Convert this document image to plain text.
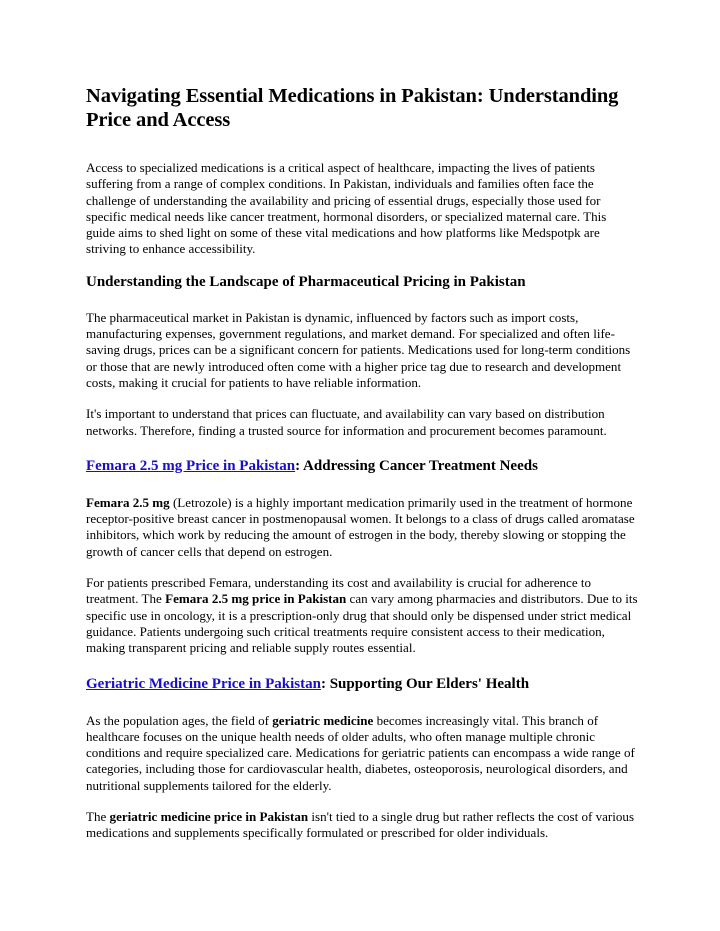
Navigating Essential Medications in Pakistan: Understanding Price and Access

Access to specialized medications is a critical aspect of healthcare, impacting the lives of patients suffering from a range of complex conditions. In Pakistan, individuals and families often face the challenge of understanding the availability and pricing of essential drugs, especially those used for specific medical needs like cancer treatment, hormonal disorders, or specialized maternal care. This guide aims to shed light on some of these vital medications and how platforms like Medspotpk are striving to enhance accessibility.

Understanding the Landscape of Pharmaceutical Pricing in Pakistan

The pharmaceutical market in Pakistan is dynamic, influenced by factors such as import costs, manufacturing expenses, government regulations, and market demand. For specialized and often life-saving drugs, prices can be a significant concern for patients. Medications used for long-term conditions or those that are newly introduced often come with a higher price tag due to research and development costs, making it crucial for patients to have reliable information.

It's important to understand that prices can fluctuate, and availability can vary based on distribution networks. Therefore, finding a trusted source for information and procurement becomes paramount.

Femara 2.5 mg Price in Pakistan: Addressing Cancer Treatment Needs

Femara 2.5 mg (Letrozole) is a highly important medication primarily used in the treatment of hormone receptor-positive breast cancer in postmenopausal women. It belongs to a class of drugs called aromatase inhibitors, which work by reducing the amount of estrogen in the body, thereby slowing or stopping the growth of cancer cells that depend on estrogen.

For patients prescribed Femara, understanding its cost and availability is crucial for adherence to treatment. The Femara 2.5 mg price in Pakistan can vary among pharmacies and distributors. Due to its specific use in oncology, it is a prescription-only drug that should only be dispensed under strict medical guidance. Patients undergoing such critical treatments require consistent access to their medication, making transparent pricing and reliable supply routes essential.

Geriatric Medicine Price in Pakistan: Supporting Our Elders' Health

As the population ages, the field of geriatric medicine becomes increasingly vital. This branch of healthcare focuses on the unique health needs of older adults, who often manage multiple chronic conditions and require specialized care. Medications for geriatric patients can encompass a wide range of categories, including those for cardiovascular health, diabetes, osteoporosis, neurological disorders, and nutritional supplements tailored for the elderly.

The geriatric medicine price in Pakistan isn't tied to a single drug but rather reflects the cost of various medications and supplements specifically formulated or prescribed for older individuals.
